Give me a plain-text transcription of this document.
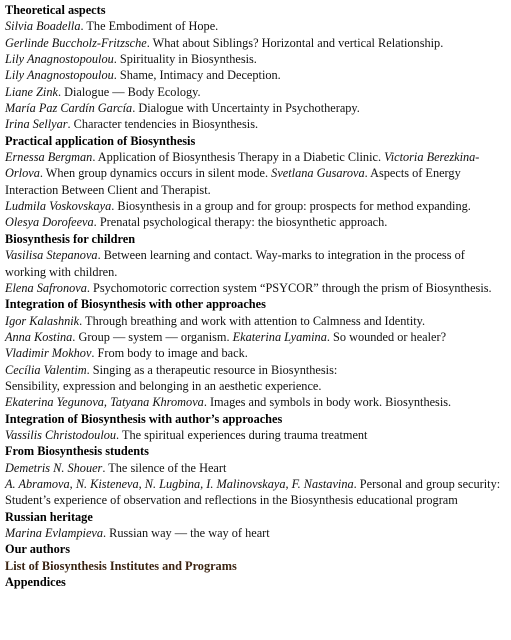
Theoretical aspects
Silvia Boadella. The Embodiment of Hope.
Gerlinde Buccholz-Fritzsche. What about Siblings? Horizontal and vertical Relationship.
Lily Anagnostopoulou. Spirituality in Biosynthesis.
Lily Anagnostopoulou. Shame, Intimacy and Deception.
Liane Zink. Dialogue — Body Ecology.
María Paz Cardín García. Dialogue with Uncertainty in Psychotherapy.
Irina Sellyar. Character tendencies in Biosynthesis.
Practical application of Biosynthesis
Ernessa Bergman. Application of Biosynthesis Therapy in a Diabetic Clinic. Victoria Berezkina-Orlova. When group dynamics occurs in silent mode. Svetlana Gusarova. Aspects of Energy Interaction Between Client and Therapist.
Ludmila Voskovskaya. Biosynthesis in a group and for group: prospects for method expanding.
Olesya Dorofeeva. Prenatal psychological therapy: the biosynthetic approach.
Biosynthesis for children
Vasilisa Stepanova. Between learning and contact. Way-marks to integration in the process of working with children.
Elena Safronova. Psychomotoric correction system “PSYCOR” through the prism of Biosynthesis.
Integration of Biosynthesis with other approaches
Igor Kalashnik. Through breathing and work with attention to Calmness and Identity.
Anna Kostina. Group — system — organism. Ekaterina Lyamina. So wounded or healer?
Vladimir Mokhov. From body to image and back.
Cecília Valentim. Singing as a therapeutic resource in Biosynthesis:
Sensibility, expression and belonging in an aesthetic experience.
Ekaterina Yegunova, Tatyana Khromova. Images and symbols in body work. Biosynthesis.
Integration of Biosynthesis with author’s approaches
Vassilis Christodoulou. The spiritual experiences during trauma treatment
From Biosynthesis students
Demetris N. Shouer. The silence of the Heart
A. Abramova, N. Kisteneva, N. Lugbina, I. Malinovskaya, F. Nastavina. Personal and group security: Student’s experience of observation and reflections in the Biosynthesis educational program
Russian heritage
Marina Evlampieva. Russian way — the way of heart
Our authors
List of Biosynthesis Institutes and Programs
Appendices
